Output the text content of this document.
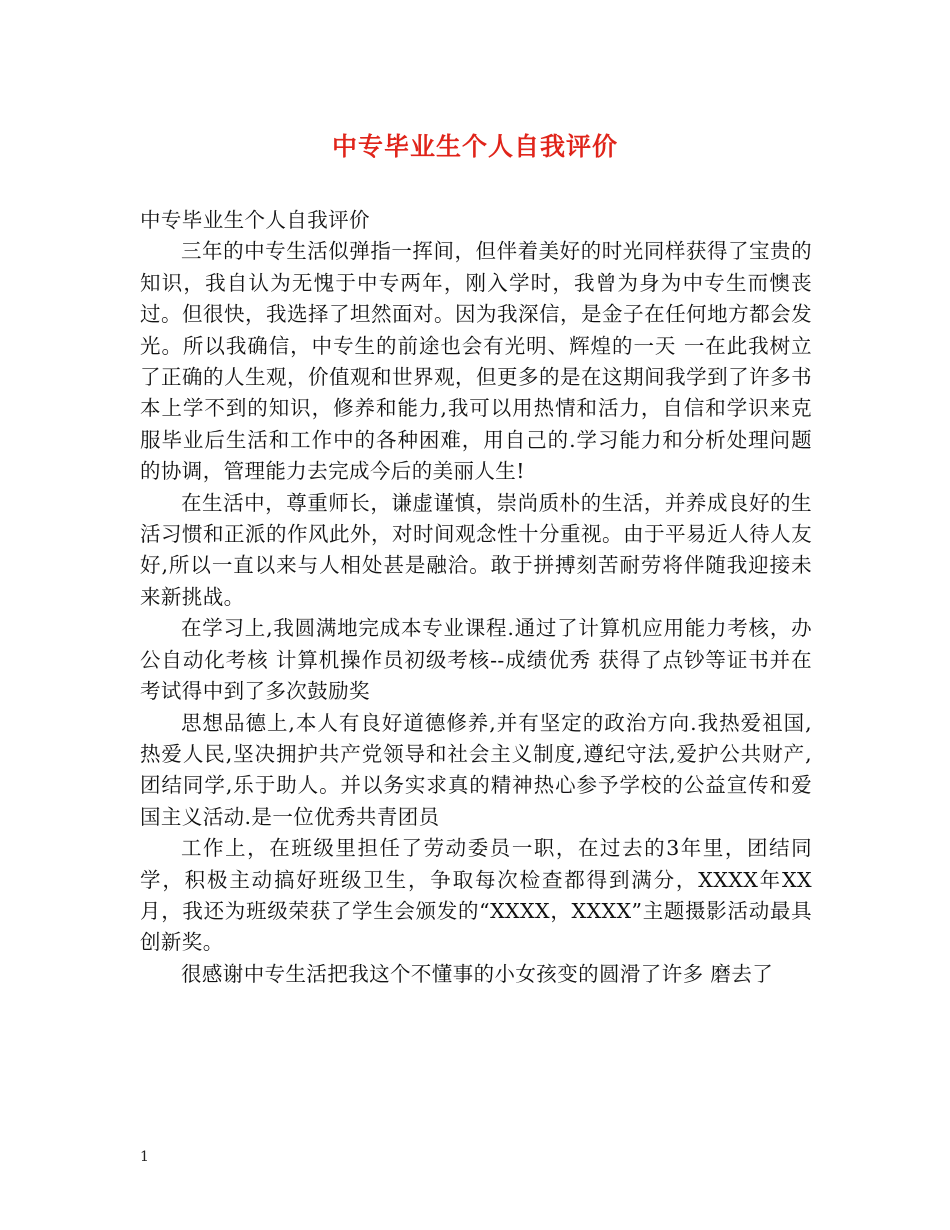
中专毕业生个人自我评价

中专毕业生个人自我评价

三年的中专生活似弹指一挥间，但伴着美好的时光同样获得了宝贵的知识，我自认为无愧于中专两年，刚入学时，我曾为身为中专生而懊丧过。但很快，我选择了坦然面对。因为我深信，是金子在任何地方都会发光。所以我确信，中专生的前途也会有光明、辉煌的一天 一在此我树立了正确的人生观，价值观和世界观，但更多的是在这期间我学到了许多书本上学不到的知识，修养和能力,我可以用热情和活力，自信和学识来克服毕业后生活和工作中的各种困难，用自己的.学习能力和分析处理问题的协调，管理能力去完成今后的美丽人生!

在生活中，尊重师长，谦虚谨慎，崇尚质朴的生活，并养成良好的生活习惯和正派的作风此外，对时间观念性十分重视。由于平易近人待人友好,所以一直以来与人相处甚是融洽。敢于拼搏刻苦耐劳将伴随我迎接未来新挑战。

在学习上,我圆满地完成本专业课程.通过了计算机应用能力考核，办公自动化考核 计算机操作员初级考核--成绩优秀 获得了点钞等证书并在考试得中到了多次鼓励奖

思想品德上,本人有良好道德修养,并有坚定的政治方向.我热爱祖国,热爱人民,坚决拥护共产党领导和社会主义制度,遵纪守法,爱护公共财产,团结同学,乐于助人。并以务实求真的精神热心参予学校的公益宣传和爱国主义活动.是一位优秀共青团员

工作上，在班级里担任了劳动委员一职，在过去的3年里，团结同学，积极主动搞好班级卫生，争取每次检查都得到满分，XXXX年XX月，我还为班级荣获了学生会颁发的“XXXX，XXXX”主题摄影活动最具创新奖。

很感谢中专生活把我这个不懂事的小女孩变的圆滑了许多 磨去了

1
